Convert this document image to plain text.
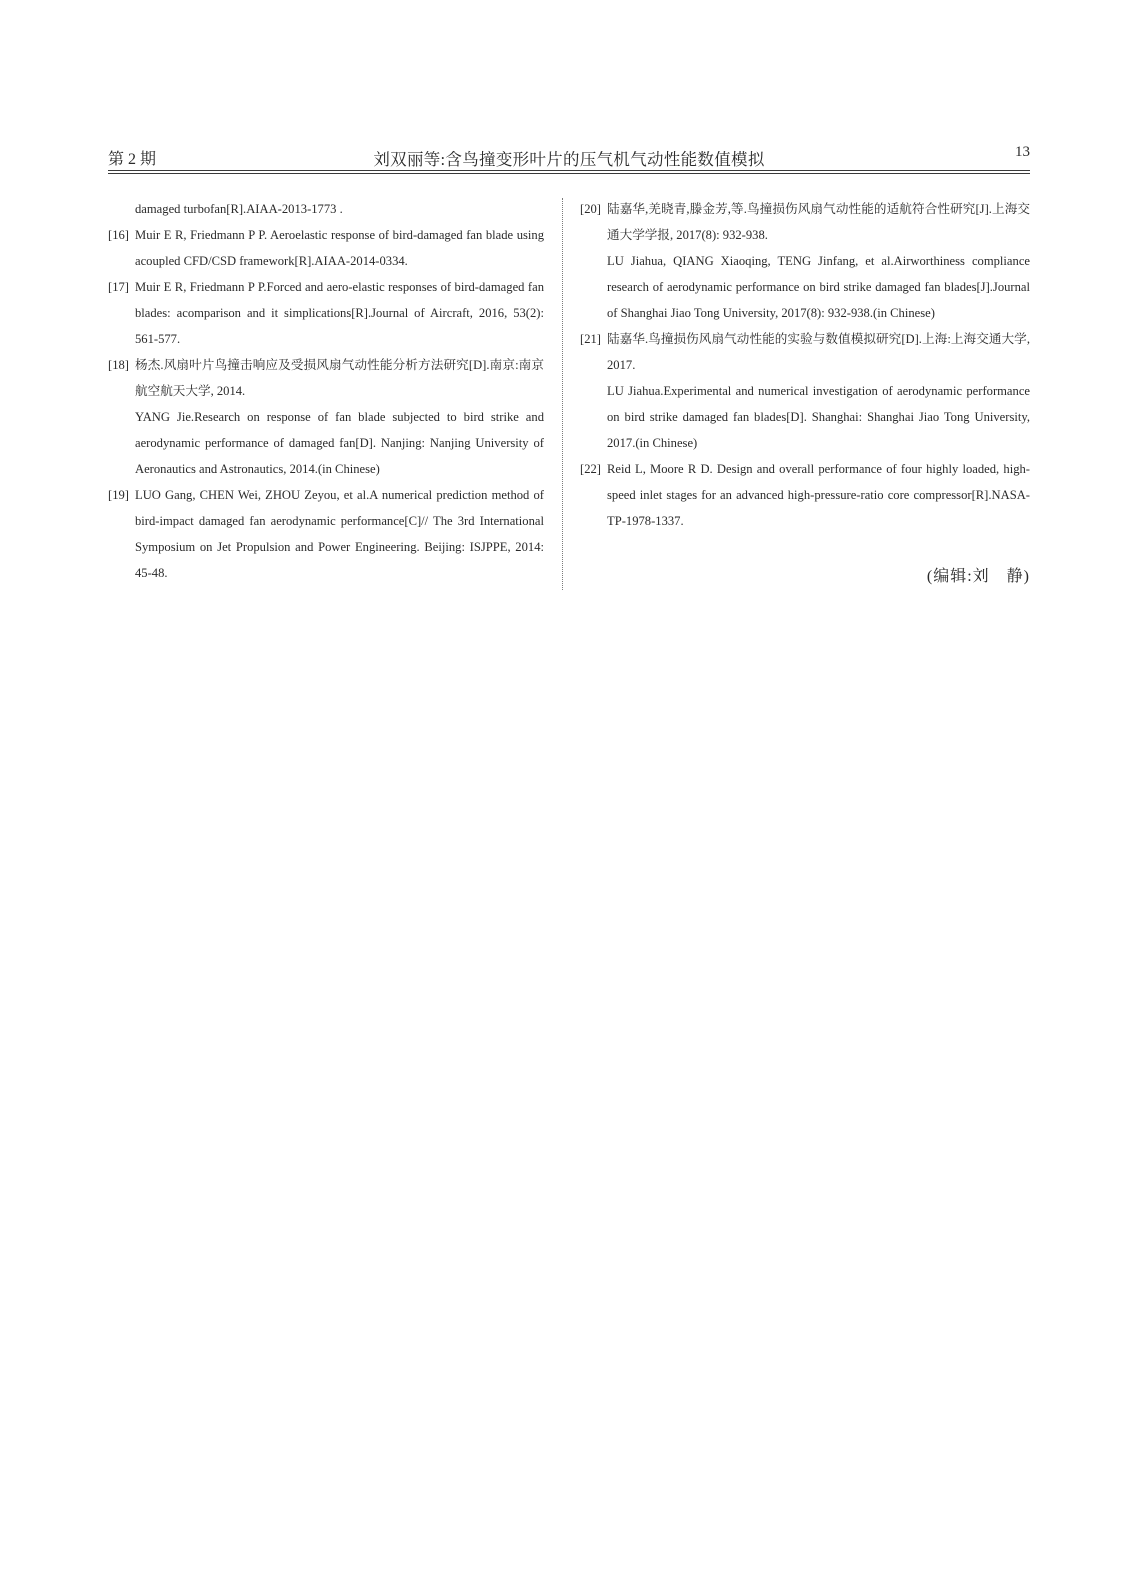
第 2 期	刘双丽等:含鸟撞变形叶片的压气机气动性能数值模拟	13

damaged turbofan[R].AIAA-2013-1773 .

[16] Muir E R, Friedmann P P. Aeroelastic response of bird-damaged fan blade using acoupled CFD/CSD framework[R].AIAA-2014-0334.

[17] Muir E R, Friedmann P P.Forced and aero-elastic responses of bird-damaged fan blades: acomparison and it simplications[R].Journal of Aircraft, 2016, 53(2): 561-577.

[18] 杨杰.风扇叶片鸟撞击响应及受损风扇气动性能分析方法研究[D].南京:南京航空航天大学, 2014.
YANG Jie.Research on response of fan blade subjected to bird strike and aerodynamic performance of damaged fan[D]. Nanjing: Nanjing University of Aeronautics and Astronautics, 2014.(in Chinese)

[19] LUO Gang, CHEN Wei, ZHOU Zeyou, et al.A numerical prediction method of bird-impact damaged fan aerodynamic performance[C]// The 3rd International Symposium on Jet Propulsion and Power Engineering. Beijing: ISJPPE, 2014: 45-48.

[20] 陆嘉华,羌晓青,滕金芳,等.鸟撞损伤风扇气动性能的适航符合性研究[J].上海交通大学学报, 2017(8): 932-938.
LU Jiahua, QIANG Xiaoqing, TENG Jinfang, et al.Airworthiness compliance research of aerodynamic performance on bird strike damaged fan blades[J].Journal of Shanghai Jiao Tong University, 2017(8): 932-938.(in Chinese)

[21] 陆嘉华.鸟撞损伤风扇气动性能的实验与数值模拟研究[D].上海:上海交通大学, 2017.
LU Jiahua.Experimental and numerical investigation of aerodynamic performance on bird strike damaged fan blades[D]. Shanghai: Shanghai Jiao Tong University, 2017.(in Chinese)

[22] Reid L, Moore R D. Design and overall performance of four highly loaded, high-speed inlet stages for an advanced high-pressure-ratio core compressor[R].NASA-TP-1978-1337.

(编辑:刘　静)
